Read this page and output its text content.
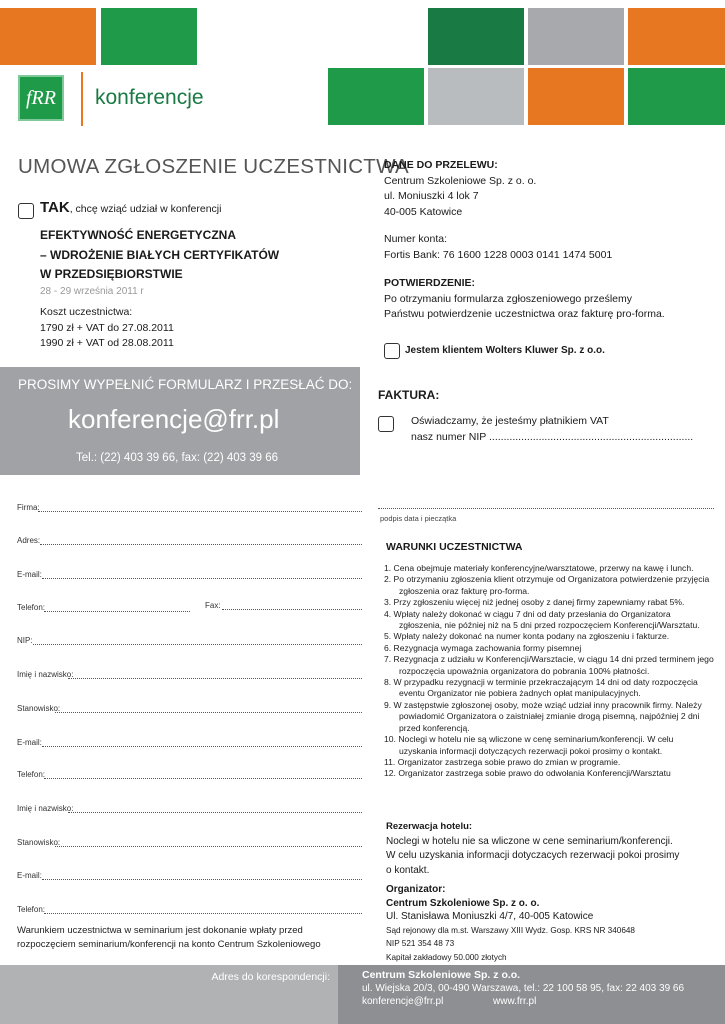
fRR konferencje
UMOWA ZGŁOSZENIE UCZESTNICTWA
TAK, chcę wziąć udział w konferencji
EFEKTYWNOŚĆ ENERGETYCZNA
– WDROŻENIE BIAŁYCH CERTYFIKATÓW
W PRZEDSIĘBIORSTWIE
28 - 29 września 2011 r
Koszt uczestnictwa:
1790 zł + VAT do 27.08.2011
1990 zł + VAT od 28.08.2011
PROSIMY WYPEŁNIĆ FORMULARZ I PRZESŁAĆ DO:
konferencje@frr.pl
Tel.: (22) 403 39 66, fax: (22) 403 39 66
DANE DO PRZELEWU:
Centrum Szkoleniowe Sp. z o. o.
ul. Moniuszki 4 lok 7
40-005 Katowice
Numer konta:
Fortis Bank: 76 1600 1228 0003 0141 1474 5001
POTWIERDZENIE:
Po otrzymaniu formularza zgłoszeniowego prześlemy
Państwu potwierdzenie uczestnictwa oraz fakturę pro-forma.
Jestem klientem Wolters Kluwer Sp. z o.o.
FAKTURA:
Oświadczamy, że jesteśmy płatnikiem VAT
nasz numer NIP ......................................................................
Firma:
Adres:
E-mail:
Telefon:	Fax:
NIP:
Imię i nazwisko:
Stanowisko:
E-mail:
Telefon:
Imię i nazwisko:
Stanowisko:
E-mail:
Telefon:
Warunkiem uczestnictwa w seminarium jest dokonanie wpłaty przed
rozpoczęciem seminarium/konferencji na konto Centrum Szkoleniowego
podpis data i pieczątka
WARUNKI UCZESTNICTWA
1. Cena obejmuje materiały konferencyjne/warsztatowe, przerwy na kawę i lunch.
2. Po otrzymaniu zgłoszenia klient otrzymuje od Organizatora potwierdzenie przyjęcia zgłoszenia oraz fakturę pro-forma.
3. Przy zgłoszeniu więcej niż jednej osoby z danej firmy zapewniamy rabat 5%.
4. Wpłaty należy dokonać w ciągu 7 dni od daty przesłania do Organizatora zgłoszenia, nie później niż na 5 dni przed rozpoczęciem Konferencji/Warsztatu.
5. Wpłaty należy dokonać na numer konta podany na zgłoszeniu i fakturze.
6. Rezygnacja wymaga zachowania formy pisemnej
7. Rezygnacja z udziału w Konferencji/Warsztacie, w ciągu 14 dni przed terminem jego rozpoczęcia upoważnia organizatora do pobrania 100% płatności.
8. W przypadku rezygnacji w terminie przekraczającym 14 dni od daty rozpoczęcia eventu Organizator nie pobiera żadnych opłat manipulacyjnych.
9. W zastępstwie zgłoszonej osoby, może wziąć udział inny pracownik firmy. Należy powiadomić Organizatora o zaistniałej zmianie drogą pisemną, najpóźniej 2 dni przed konferencją.
10. Noclegi w hotelu nie są wliczone w cenę seminarium/konferencji. W celu uzyskania informacji dotyczących rezerwacji pokoi prosimy o kontakt.
11. Organizator zastrzega sobie prawo do zmian w programie.
12. Organizator zastrzega sobie prawo do odwołania Konferencji/Warsztatu
Rezerwacja hotelu:
Noclegi w hotelu nie sa wliczone w cene seminarium/konferencji.
W celu uzyskania informacji dotyczacych rezerwacji pokoi prosimy
o kontakt.
Organizator:
Centrum Szkoleniowe Sp. z o. o.
Ul. Stanisława Moniuszki 4/7, 40-005 Katowice
Sąd rejonowy dla m.st. Warszawy XIII Wydz. Gosp. KRS NR 340648
NIP 521 354 48 73
Kapitał zakładowy 50.000 złotych
Adres do korespondencji:	Centrum Szkoleniowe Sp. z o.o.
ul. Wiejska 20/3, 00-490 Warszawa, tel.: 22 100 58 95, fax: 22 403 39 66
konferencje@frr.pl	www.frr.pl
